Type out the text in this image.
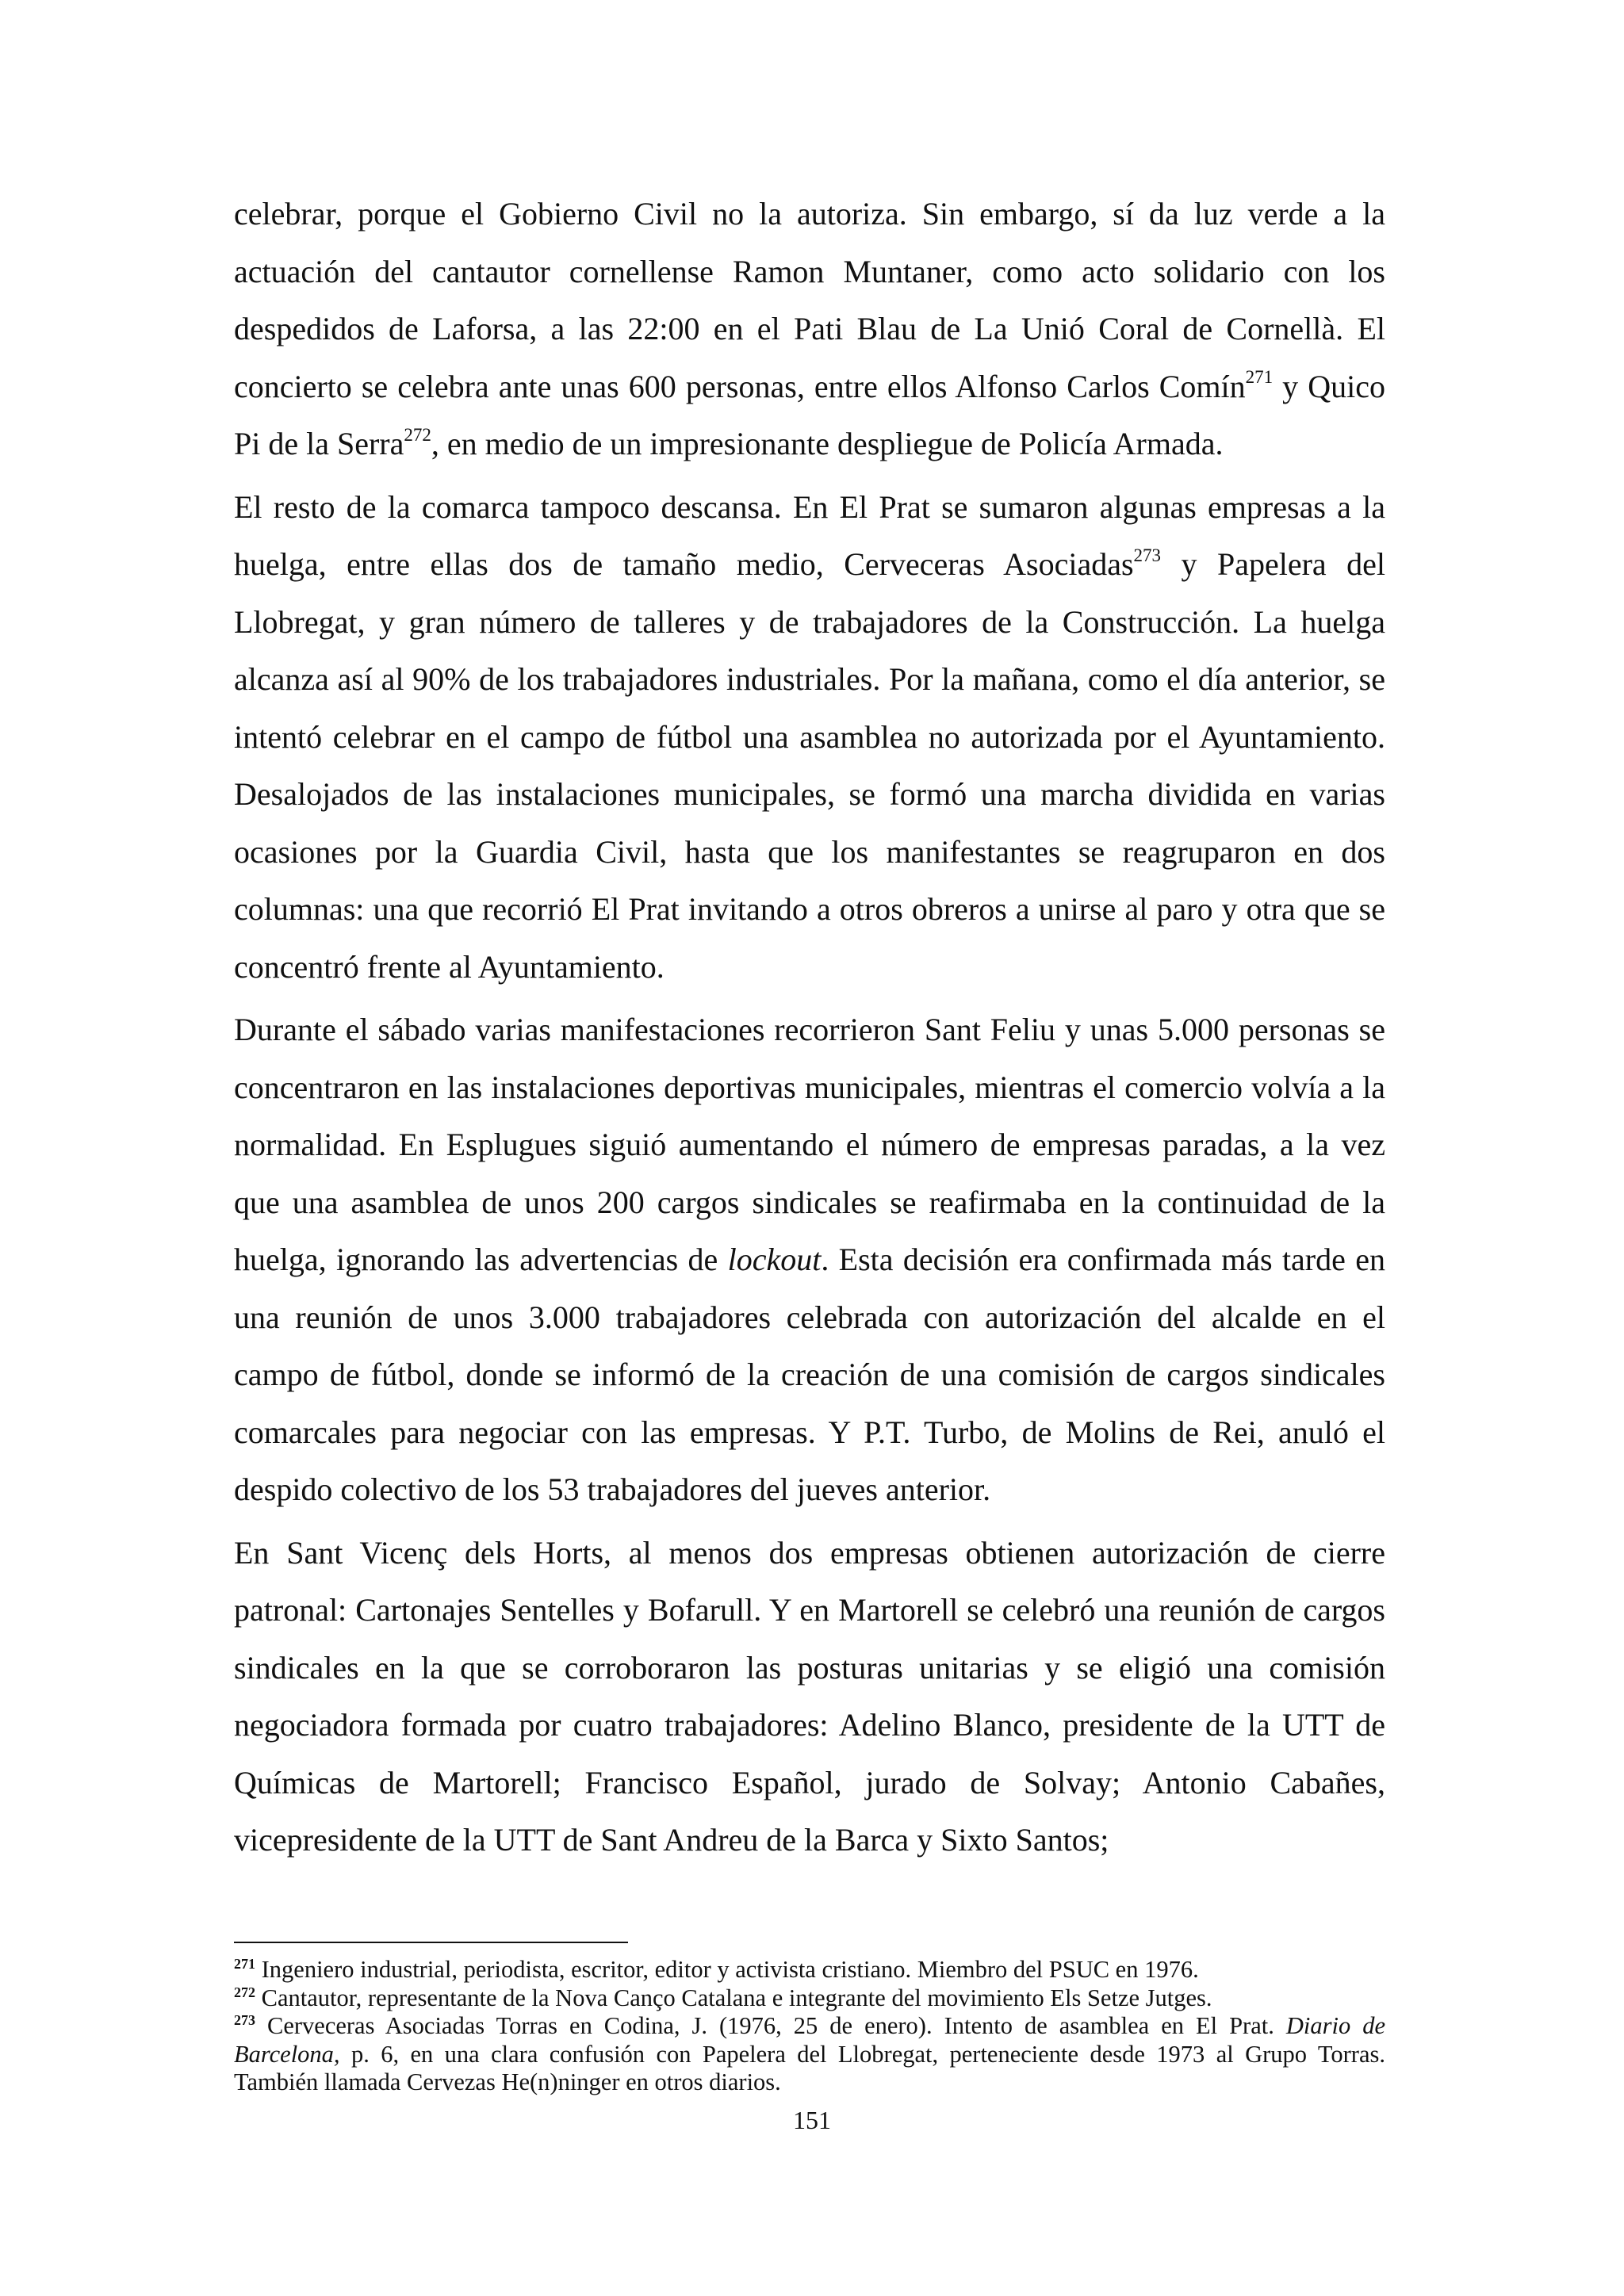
celebrar, porque el Gobierno Civil no la autoriza. Sin embargo, sí da luz verde a la actuación del cantautor cornellense Ramon Muntaner, como acto solidario con los despedidos de Laforsa, a las 22:00 en el Pati Blau de La Unió Coral de Cornellà. El concierto se celebra ante unas 600 personas, entre ellos Alfonso Carlos Comín$^{271}$ y Quico Pi de la Serra$^{272}$, en medio de un impresionante despliegue de Policía Armada.

El resto de la comarca tampoco descansa. En El Prat se sumaron algunas empresas a la huelga, entre ellas dos de tamaño medio, Cerveceras Asociadas$^{273}$ y Papelera del Llobregat, y gran número de talleres y de trabajadores de la Construcción. La huelga alcanza así al 90% de los trabajadores industriales. Por la mañana, como el día anterior, se intentó celebrar en el campo de fútbol una asamblea no autorizada por el Ayuntamiento. Desalojados de las instalaciones municipales, se formó una marcha dividida en varias ocasiones por la Guardia Civil, hasta que los manifestantes se reagruparon en dos columnas: una que recorrió El Prat invitando a otros obreros a unirse al paro y otra que se concentró frente al Ayuntamiento.

Durante el sábado varias manifestaciones recorrieron Sant Feliu y unas 5.000 personas se concentraron en las instalaciones deportivas municipales, mientras el comercio volvía a la normalidad. En Esplugues siguió aumentando el número de empresas paradas, a la vez que una asamblea de unos 200 cargos sindicales se reafirmaba en la continuidad de la huelga, ignorando las advertencias de lockout. Esta decisión era confirmada más tarde en una reunión de unos 3.000 trabajadores celebrada con autorización del alcalde en el campo de fútbol, donde se informó de la creación de una comisión de cargos sindicales comarcales para negociar con las empresas. Y P.T. Turbo, de Molins de Rei, anuló el despido colectivo de los 53 trabajadores del jueves anterior.

En Sant Vicenç dels Horts, al menos dos empresas obtienen autorización de cierre patronal: Cartonajes Sentelles y Bofarull. Y en Martorell se celebró una reunión de cargos sindicales en la que se corroboraron las posturas unitarias y se eligió una comisión negociadora formada por cuatro trabajadores: Adelino Blanco, presidente de la UTT de Químicas de Martorell; Francisco Español, jurado de Solvay; Antonio Cabañes, vicepresidente de la UTT de Sant Andreu de la Barca y Sixto Santos;

$^{271}$ Ingeniero industrial, periodista, escritor, editor y activista cristiano. Miembro del PSUC en 1976.

$^{272}$ Cantautor, representante de la Nova Canço Catalana e integrante del movimiento Els Setze Jutges.

$^{273}$ Cerveceras Asociadas Torras en Codina, J. (1976, 25 de enero). Intento de asamblea en El Prat. Diario de Barcelona, p. 6, en una clara confusión con Papelera del Llobregat, perteneciente desde 1973 al Grupo Torras. También llamada Cervezas He(n)ninger en otros diarios.

151
